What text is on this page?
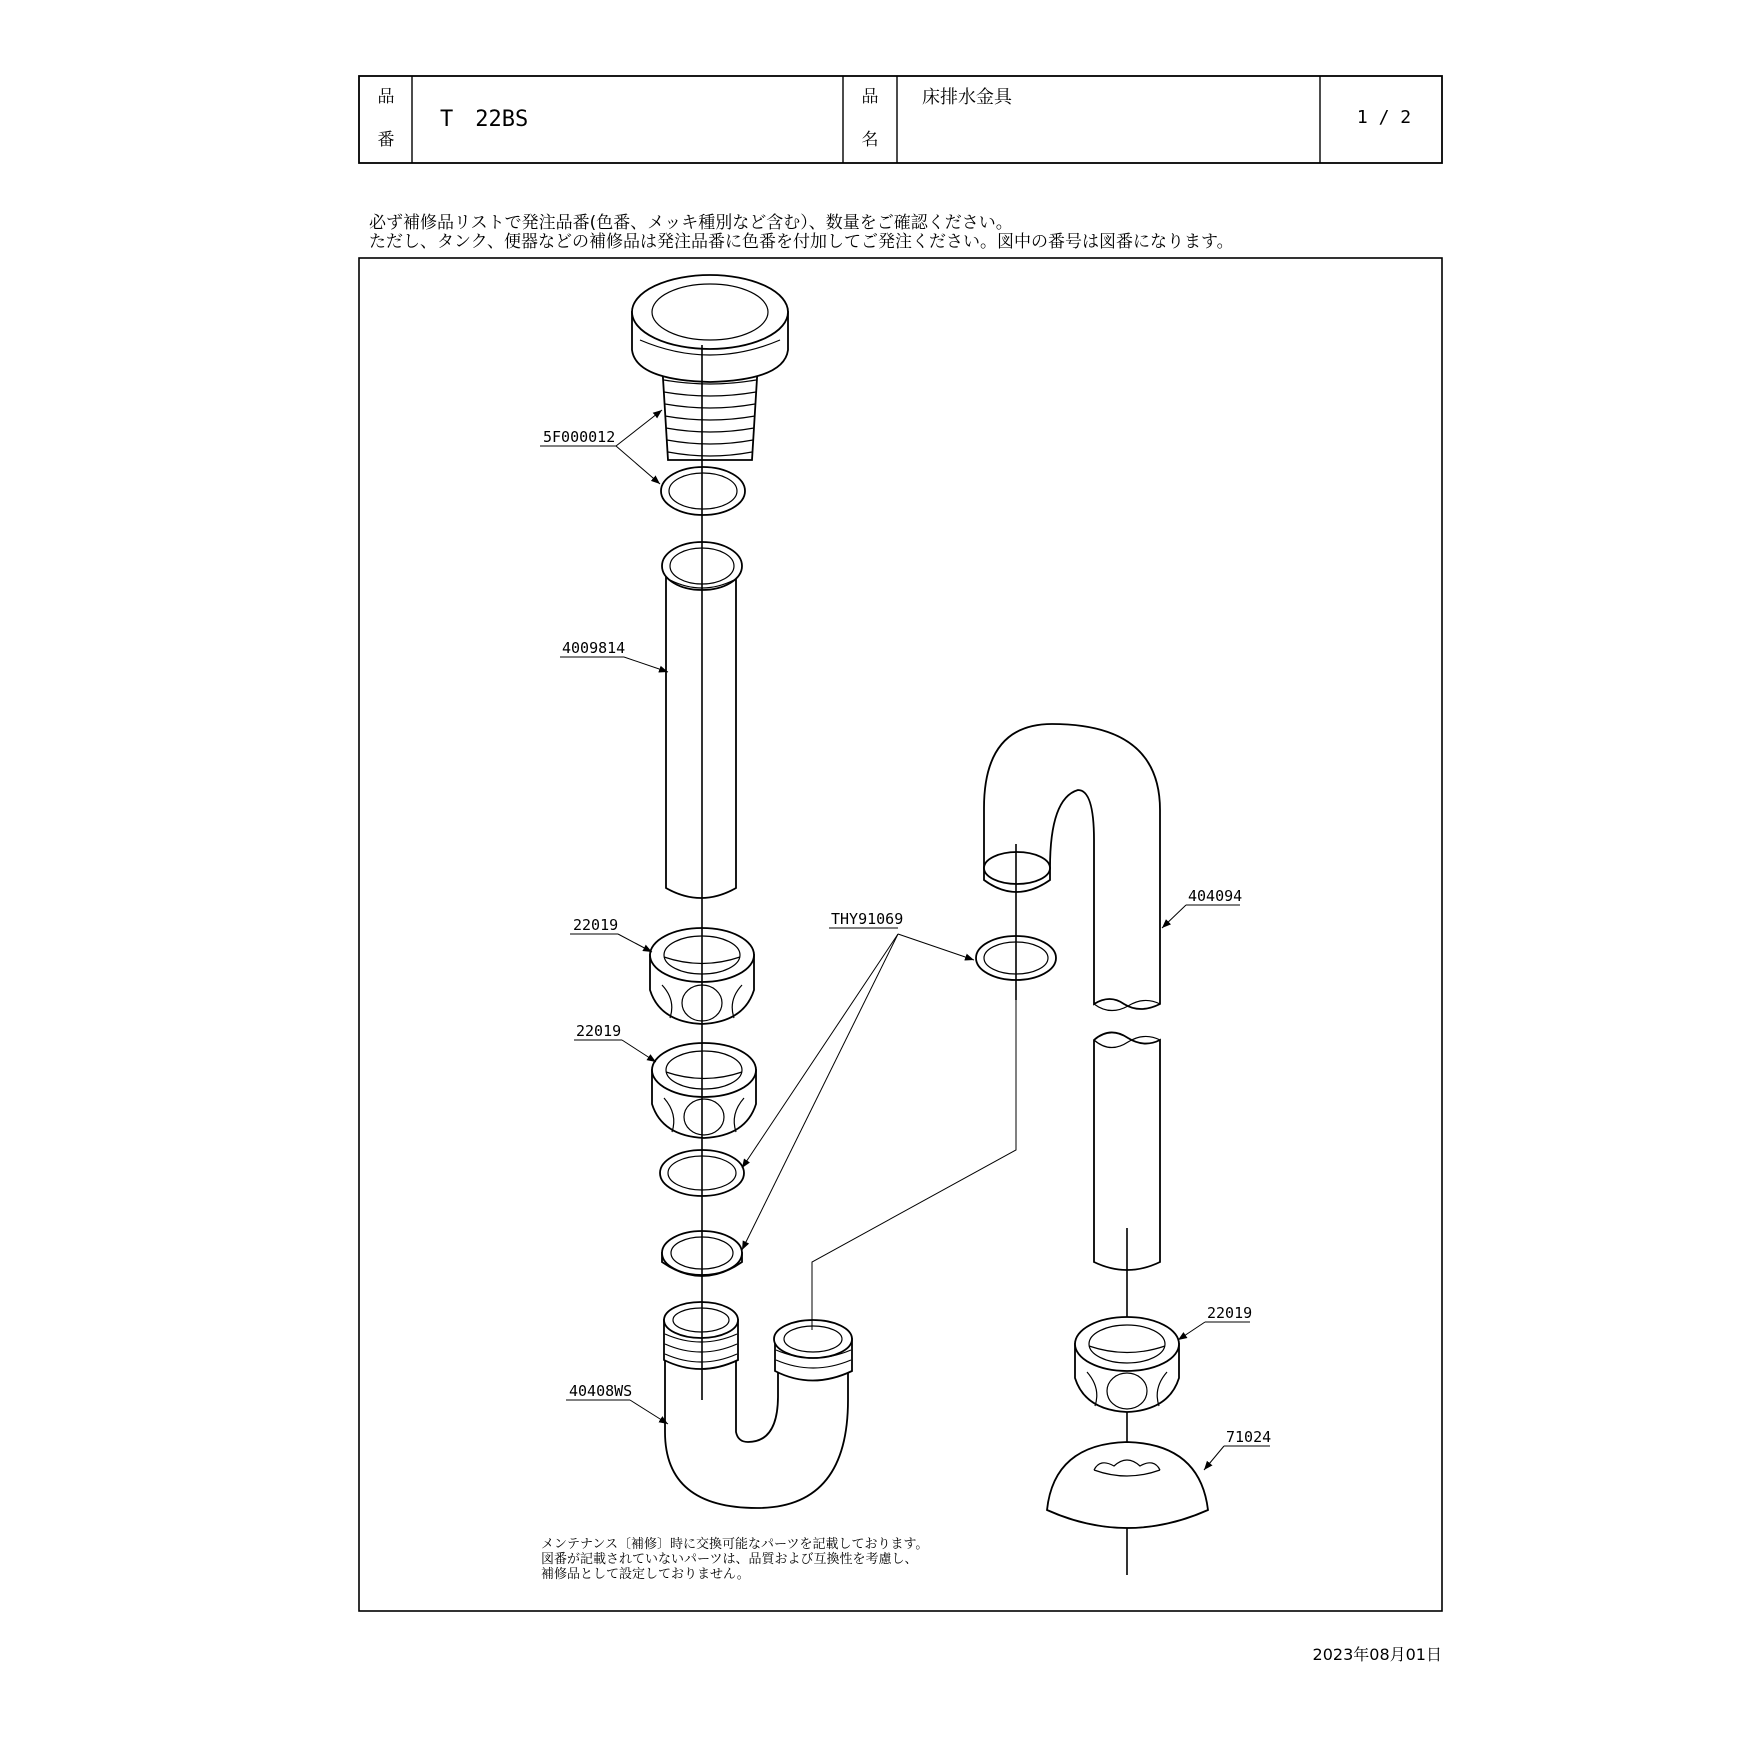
品
番
T　22BS
品
名
床排水金具
1 / 2
必ず補修品リストで発注品番(色番、メッキ種別など含む）、数量をご確認ください。
ただし、タンク、便器などの補修品は発注品番に色番を付加してご発注ください。図中の番号は図番になります。
5F000012
4009814
22019
22019
THY91069
40408WS
404094
22019
71024
メンテナンス〔補修〕時に交換可能なパーツを記載しております。
図番が記載されていないパーツは、品質および互換性を考慮し、
補修品として設定しておりません。
2023年08月01日
